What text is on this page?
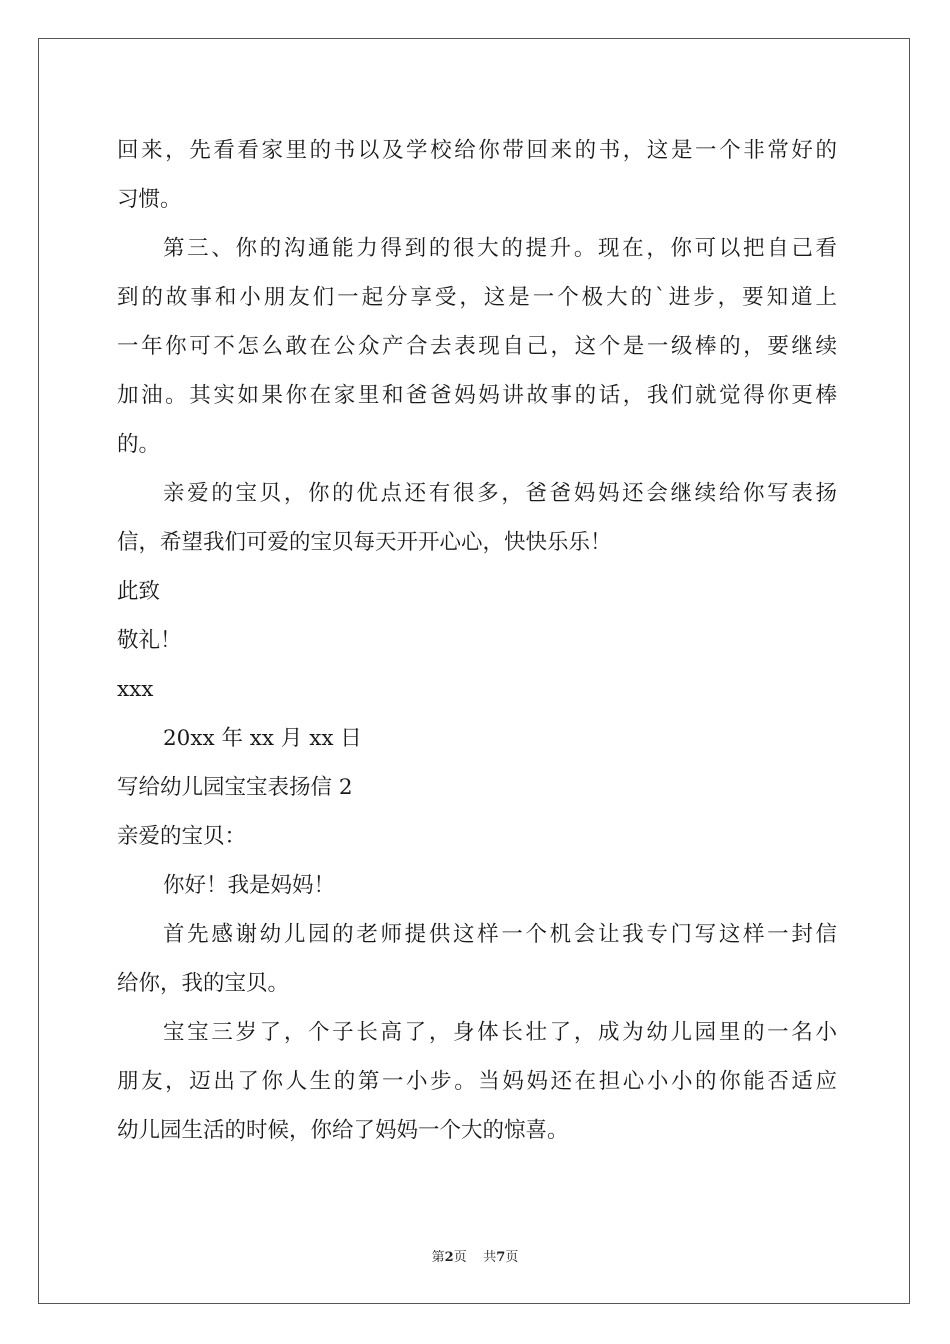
回来，先看看家里的书以及学校给你带回来的书，这是一个非常好的
习惯。
第三、你的沟通能力得到的很大的提升。现在，你可以把自己看
到的故事和小朋友们一起分享受，这是一个极大的`进步，要知道上
一年你可不怎么敢在公众产合去表现自己，这个是一级棒的，要继续
加油。其实如果你在家里和爸爸妈妈讲故事的话，我们就觉得你更棒
的。
亲爱的宝贝，你的优点还有很多，爸爸妈妈还会继续给你写表扬
信，希望我们可爱的宝贝每天开开心心，快快乐乐！
此致
敬礼！
xxx
20xx 年 xx 月 xx 日
写给幼儿园宝宝表扬信 2
亲爱的宝贝：
你好！我是妈妈！
首先感谢幼儿园的老师提供这样一个机会让我专门写这样一封信
给你，我的宝贝。
宝宝三岁了，个子长高了，身体长壮了，成为幼儿园里的一名小
朋友，迈出了你人生的第一小步。当妈妈还在担心小小的你能否适应
幼儿园生活的时候，你给了妈妈一个大的惊喜。
第2页 共7页
